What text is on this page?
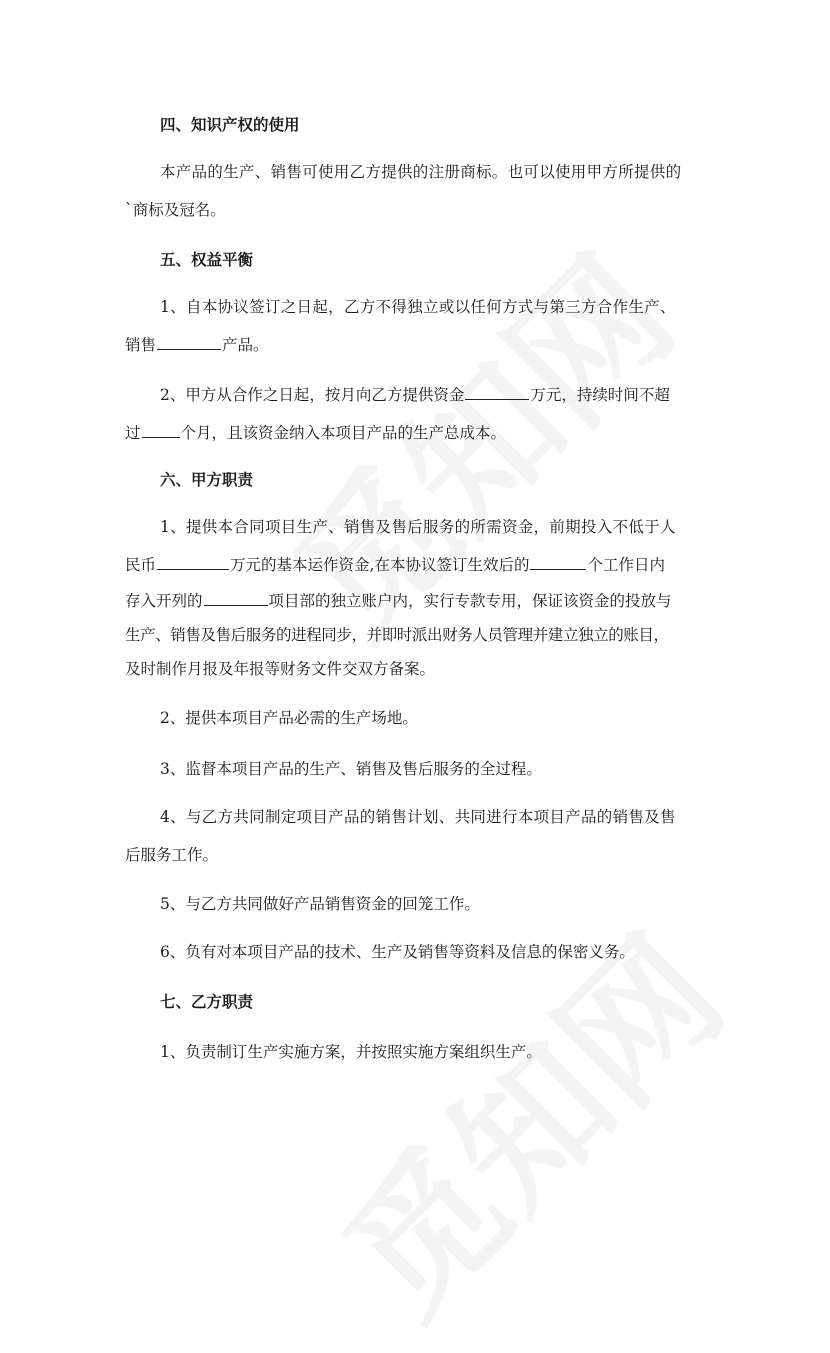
四、知识产权的使用
本产品的生产、销售可使用乙方提供的注册商标。也可以使用甲方所提供的
`商标及冠名。
五、权益平衡
1、自本协议签订之日起，乙方不得独立或以任何方式与第三方合作生产、
销售	产品。
2、甲方从合作之日起，按月向乙方提供资金	万元，持续时间不超
过	个月，且该资金纳入本项目产品的生产总成本。
六、甲方职责
1、提供本合同项目生产、销售及售后服务的所需资金，前期投入不低于人
民币	万元的基本运作资金,在本协议签订生效后的	个工作日内
存入开列的	项目部的独立账户内，实行专款专用，保证该资金的投放与
生产、销售及售后服务的进程同步，并即时派出财务人员管理并建立独立的账目，
及时制作月报及年报等财务文件交双方备案。
2、提供本项目产品必需的生产场地。
3、监督本项目产品的生产、销售及售后服务的全过程。
4、与乙方共同制定项目产品的销售计划、共同进行本项目产品的销售及售
后服务工作。
5、与乙方共同做好产品销售资金的回笼工作。
6、负有对本项目产品的技术、生产及销售等资料及信息的保密义务。
七、乙方职责
1、负责制订生产实施方案，并按照实施方案组织生产。
